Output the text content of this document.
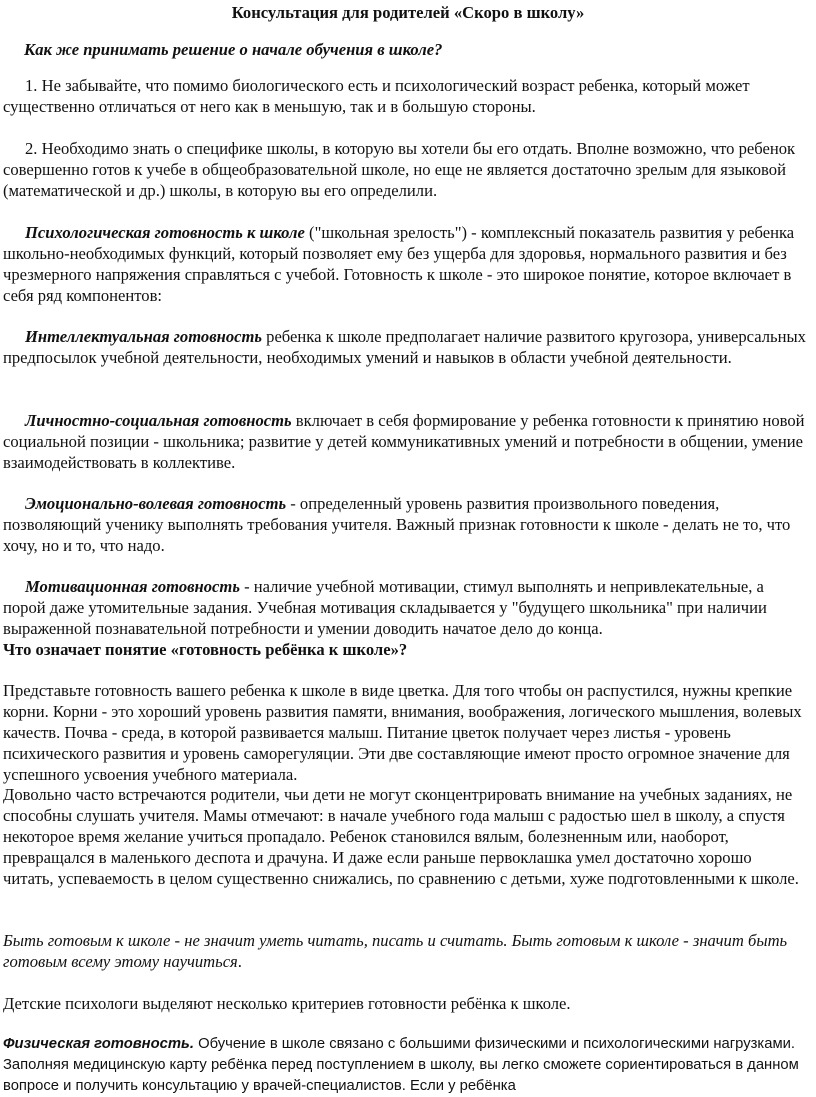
Консультация для родителей «Скоро в школу»

Как же принимать решение о начале обучения в школе?

1. Не забывайте, что помимо биологического есть и психологический возраст ребенка, который может существенно отличаться от него как в меньшую, так и в большую стороны.

2. Необходимо знать о специфике школы, в которую вы хотели бы его отдать. Вполне возможно, что ребенок совершенно готов к учебе в общеобразовательной школе, но еще не является достаточно зрелым для языковой (математической и др.) школы, в которую вы его определили.

Психологическая готовность к школе ("школьная зрелость") - комплексный показатель развития у ребенка школьно-необходимых функций, который позволяет ему без ущерба для здоровья, нормального развития и без чрезмерного напряжения справляться с учебой. Готовность к школе - это широкое понятие, которое включает в себя ряд компонентов:

Интеллектуальная готовность ребенка к школе предполагает наличие развитого кругозора, универсальных предпосылок учебной деятельности, необходимых умений и навыков в области учебной деятельности.

Личностно-социальная готовность включает в себя формирование у ребенка готовности к принятию новой социальной позиции - школьника; развитие у детей коммуникативных умений и потребности в общении, умение взаимодействовать в коллективе.

Эмоционально-волевая готовность - определенный уровень развития произвольного поведения, позволяющий ученику выполнять требования учителя. Важный признак готовности к школе - делать не то, что хочу, но и то, что надо.

Мотивационная готовность - наличие учебной мотивации, стимул выполнять и непривлекательные, а порой даже утомительные задания. Учебная мотивация складывается у "будущего школьника" при наличии выраженной познавательной потребности и умении доводить начатое дело до конца.

Что означает понятие «готовность ребёнка к школе»?

Представьте готовность вашего ребенка к школе в виде цветка. Для того чтобы он распустился, нужны крепкие корни. Корни - это хороший уровень развития памяти, внимания, воображения, логического мышления, волевых качеств. Почва - среда, в которой развивается малыш. Питание цветок получает через листья - уровень психического развития и уровень саморегуляции. Эти две составляющие имеют просто огромное значение для успешного усвоения учебного материала.

Довольно часто встречаются родители, чьи дети не могут сконцентрировать внимание на учебных заданиях, не способны слушать учителя. Мамы отмечают: в начале учебного года малыш с радостью шел в школу, а спустя некоторое время желание учиться пропадало. Ребенок становился вялым, болезненным или, наоборот, превращался в маленького деспота и драчуна. И даже если раньше первоклашка умел достаточно хорошо читать, успеваемость в целом существенно снижались, по сравнению с детьми, хуже подготовленными к школе.

Быть готовым к школе - не значит уметь читать, писать и считать. Быть готовым к школе - значит быть готовым всему этому научиться.

Детские психологи выделяют несколько критериев готовности ребёнка к школе.

Физическая готовность. Обучение в школе связано с большими физическими и психологическими нагрузками. Заполняя медицинскую карту ребёнка перед поступлением в школу, вы легко сможете сориентироваться в данном вопросе и получить консультацию у врачей-специалистов. Если у ребёнка
